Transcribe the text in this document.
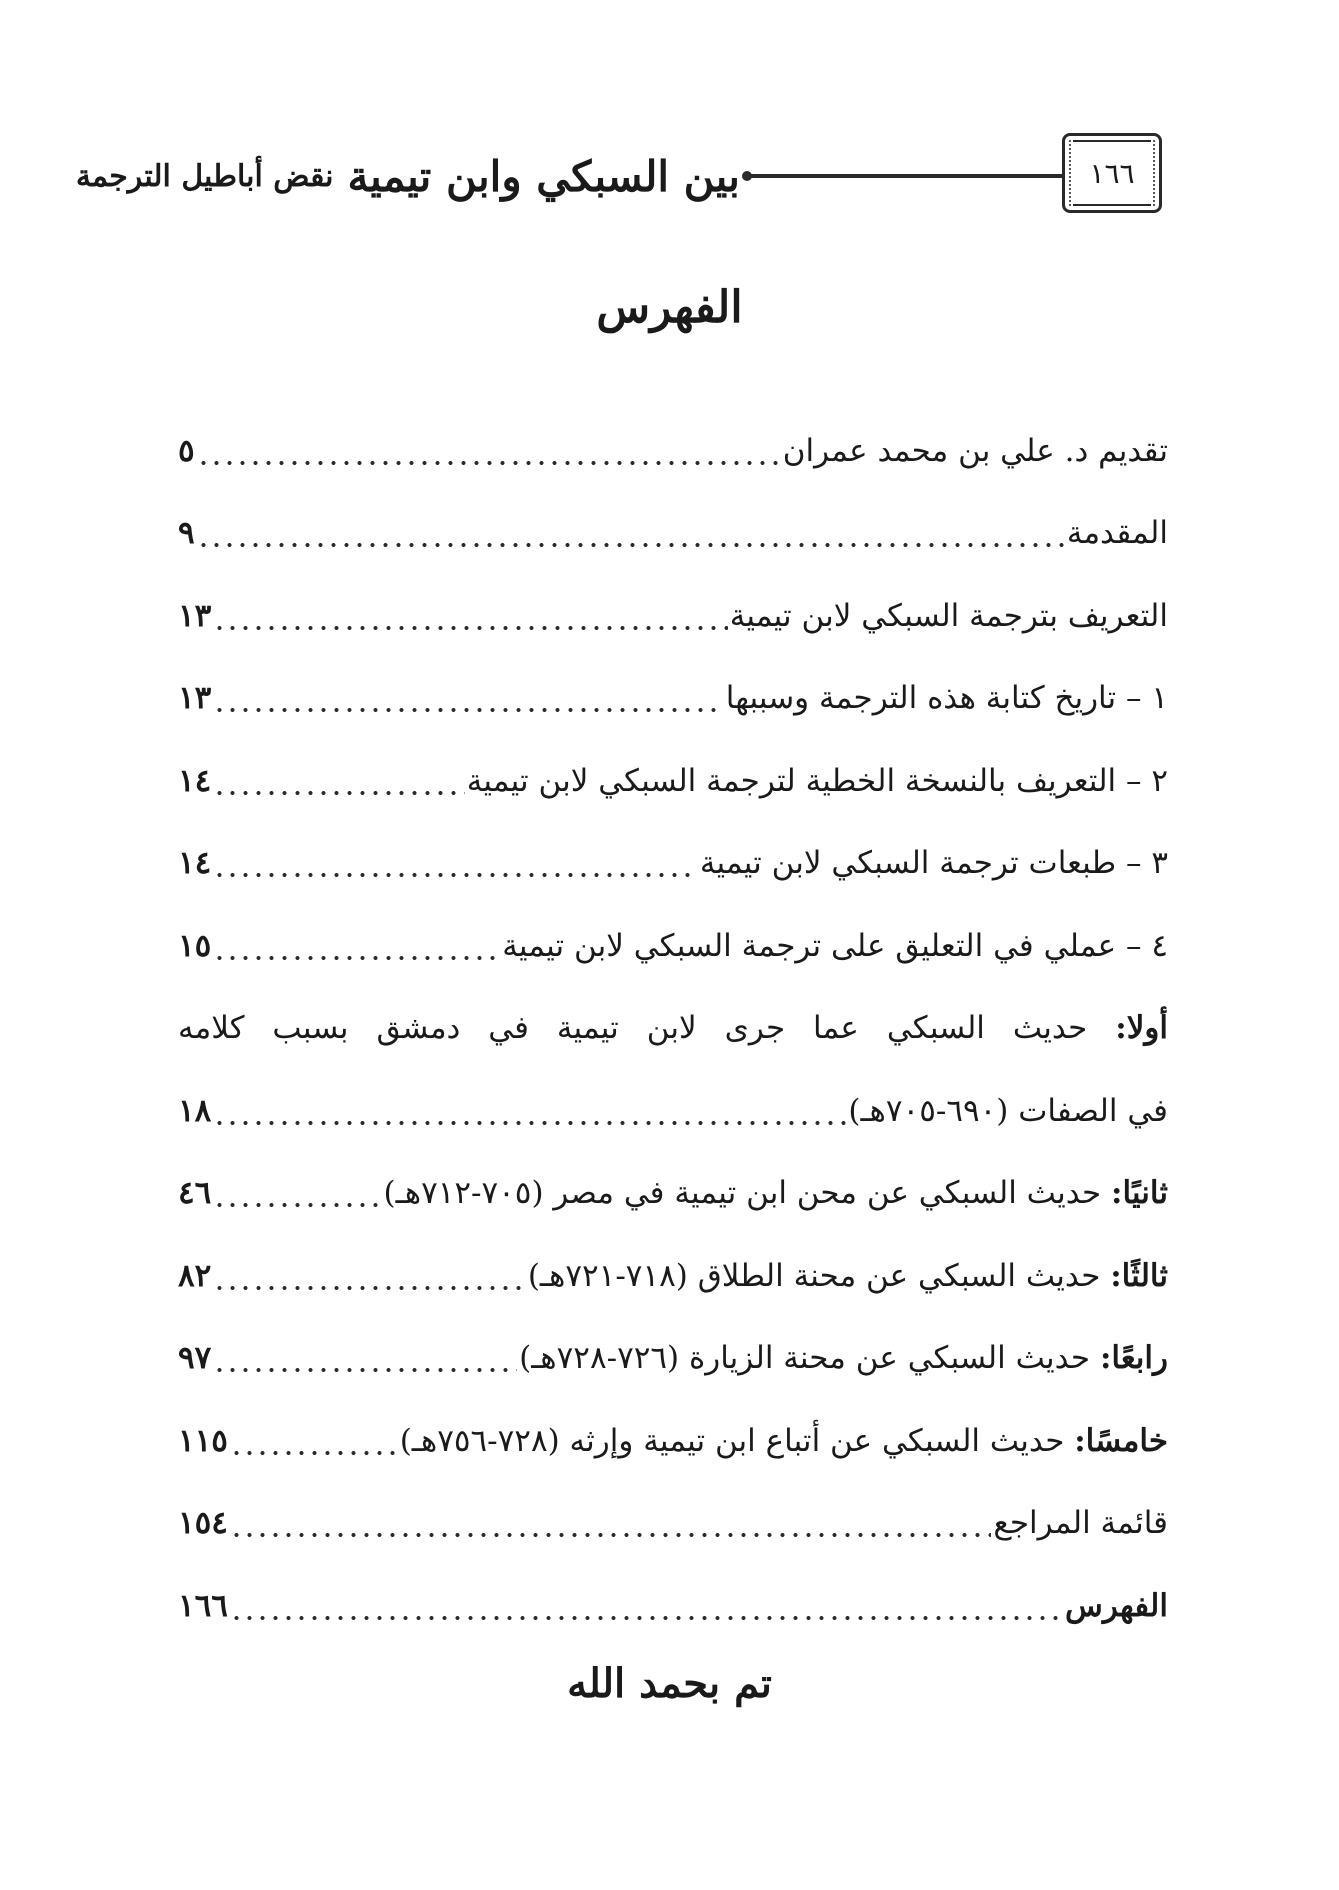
بين السبكي وابن تيمية
نقض أباطيل الترجمة	١٦٦
الفهرس
تقديم د. علي بن محمد عمران
٥
المقدمة
٩
التعريف بترجمة السبكي لابن تيمية
١٣
١ – تاريخ كتابة هذه الترجمة وسببها
١٣
٢ – التعريف بالنسخة الخطية لترجمة السبكي لابن تيمية
١٤
٣ – طبعات ترجمة السبكي لابن تيمية
١٤
٤ – عملي في التعليق على ترجمة السبكي لابن تيمية
١٥
أولا: حديث السبكي عما جرى لابن تيمية في دمشق بسبب كلامه
في الصفات (٦٩٠-٧٠٥هـ)
١٨
ثانيًا: حديث السبكي عن محن ابن تيمية في مصر (٧٠٥-٧١٢هـ)
٤٦
ثالثًا: حديث السبكي عن محنة الطلاق (٧١٨-٧٢١هـ)
٨٢
رابعًا: حديث السبكي عن محنة الزيارة (٧٢٦-٧٢٨هـ)
٩٧
خامسًا: حديث السبكي عن أتباع ابن تيمية وإرثه (٧٢٨-٧٥٦هـ)
١١٥
قائمة المراجع
١٥٤
الفهرس
١٦٦
تم بحمد الله
